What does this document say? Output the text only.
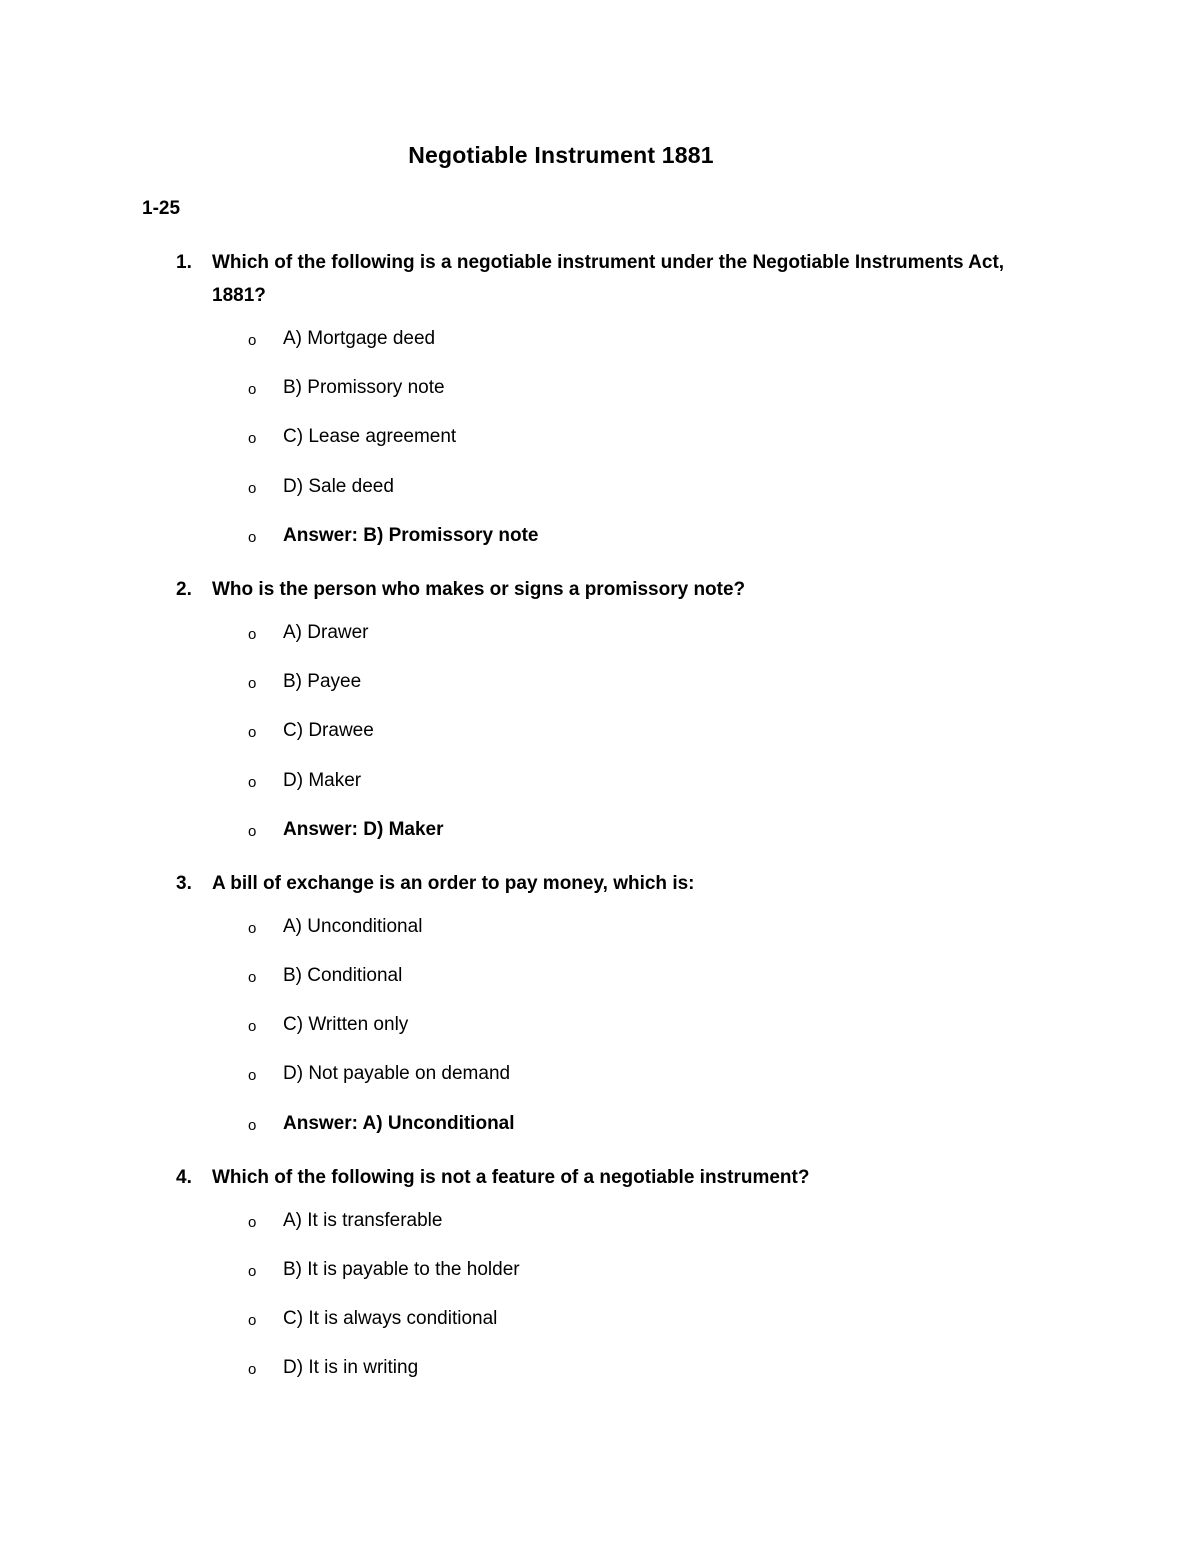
Negotiable Instrument 1881
1-25
1. Which of the following is a negotiable instrument under the Negotiable Instruments Act, 1881?
o A) Mortgage deed
o B) Promissory note
o C) Lease agreement
o D) Sale deed
o Answer: B) Promissory note
2. Who is the person who makes or signs a promissory note?
o A) Drawer
o B) Payee
o C) Drawee
o D) Maker
o Answer: D) Maker
3. A bill of exchange is an order to pay money, which is:
o A) Unconditional
o B) Conditional
o C) Written only
o D) Not payable on demand
o Answer: A) Unconditional
4. Which of the following is not a feature of a negotiable instrument?
o A) It is transferable
o B) It is payable to the holder
o C) It is always conditional
o D) It is in writing
